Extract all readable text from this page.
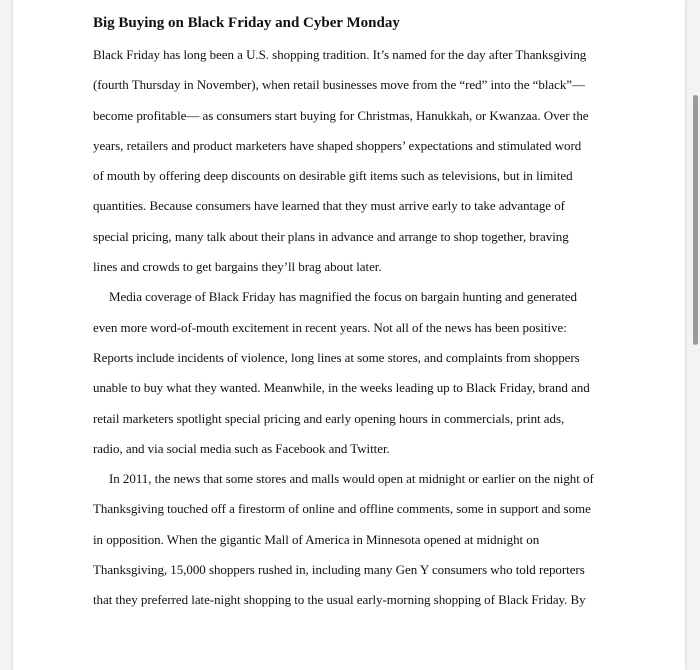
Big Buying on Black Friday and Cyber Monday
Black Friday has long been a U.S. shopping tradition. It’s named for the day after Thanksgiving
(fourth Thursday in November), when retail businesses move from the “red” into the “black”—
become profitable— as consumers start buying for Christmas, Hanukkah, or Kwanzaa. Over the
years, retailers and product marketers have shaped shoppers’ expectations and stimulated word
of mouth by offering deep discounts on desirable gift items such as televisions, but in limited
quantities. Because consumers have learned that they must arrive early to take advantage of
special pricing, many talk about their plans in advance and arrange to shop together, braving
lines and crowds to get bargains they’ll brag about later.
Media coverage of Black Friday has magnified the focus on bargain hunting and generated
even more word-of-mouth excitement in recent years. Not all of the news has been positive:
Reports include incidents of violence, long lines at some stores, and complaints from shoppers
unable to buy what they wanted. Meanwhile, in the weeks leading up to Black Friday, brand and
retail marketers spotlight special pricing and early opening hours in commercials, print ads,
radio, and via social media such as Facebook and Twitter.
In 2011, the news that some stores and malls would open at midnight or earlier on the night of
Thanksgiving touched off a firestorm of online and offline comments, some in support and some
in opposition. When the gigantic Mall of America in Minnesota opened at midnight on
Thanksgiving, 15,000 shoppers rushed in, including many Gen Y consumers who told reporters
that they preferred late-night shopping to the usual early-morning shopping of Black Friday. By
